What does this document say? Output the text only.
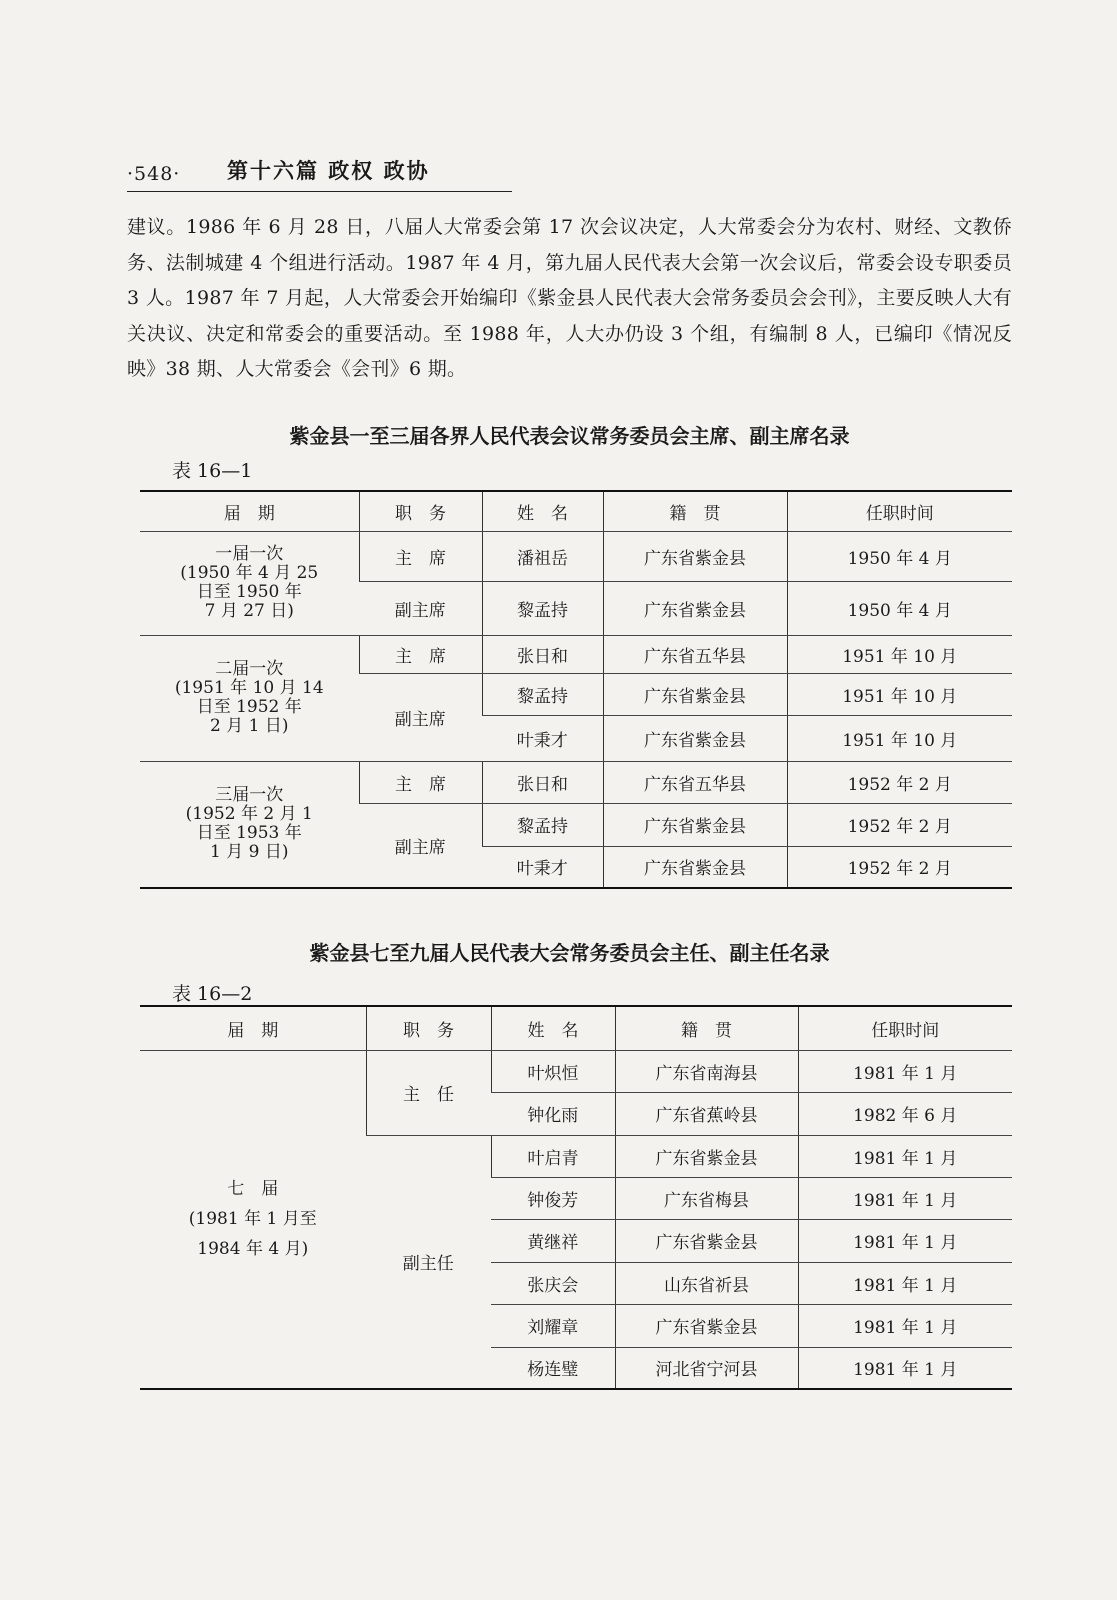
·548·	第十六篇 政权 政协
建议。1986 年 6 月 28 日，八届人大常委会第 17 次会议决定，人大常委会分为农村、财经、文教侨务、法制城建 4 个组进行活动。1987 年 4 月，第九届人民代表大会第一次会议后，常委会设专职委员 3 人。1987 年 7 月起，人大常委会开始编印《紫金县人民代表大会常务委员会会刊》，主要反映人大有关决议、决定和常委会的重要活动。至 1988 年，人大办仍设 3 个组，有编制 8 人，已编印《情况反映》38 期、人大常委会《会刊》6 期。
紫金县一至三届各界人民代表会议常务委员会主席、副主席名录
表 16—1
届　期	职　务	姓　名	籍　贯	任职时间
一届一次
(1950 年 4 月 25
日至 1950 年
7 月 27 日)	主　席	潘祖岳	广东省紫金县	1950 年 4 月
	副主席	黎孟持	广东省紫金县	1950 年 4 月
二届一次
(1951 年 10 月 14
日至 1952 年
2 月 1 日)	主　席	张日和	广东省五华县	1951 年 10 月
	副主席	黎孟持	广东省紫金县	1951 年 10 月
		叶秉才	广东省紫金县	1951 年 10 月
三届一次
(1952 年 2 月 1
日至 1953 年
1 月 9 日)	主　席	张日和	广东省五华县	1952 年 2 月
	副主席	黎孟持	广东省紫金县	1952 年 2 月
		叶秉才	广东省紫金县	1952 年 2 月
紫金县七至九届人民代表大会常务委员会主任、副主任名录
表 16—2
届　期	职　务	姓　名	籍　贯	任职时间
七　届
(1981 年 1 月至
1984 年 4 月)	主　任	叶炽恒	广东省南海县	1981 年 1 月
		钟化雨	广东省蕉岭县	1982 年 6 月
	副主任	叶启青	广东省紫金县	1981 年 1 月
		钟俊芳	广东省梅县	1981 年 1 月
		黄继祥	广东省紫金县	1981 年 1 月
		张庆会	山东省祈县	1981 年 1 月
		刘耀章	广东省紫金县	1981 年 1 月
		杨连璧	河北省宁河县	1981 年 1 月
